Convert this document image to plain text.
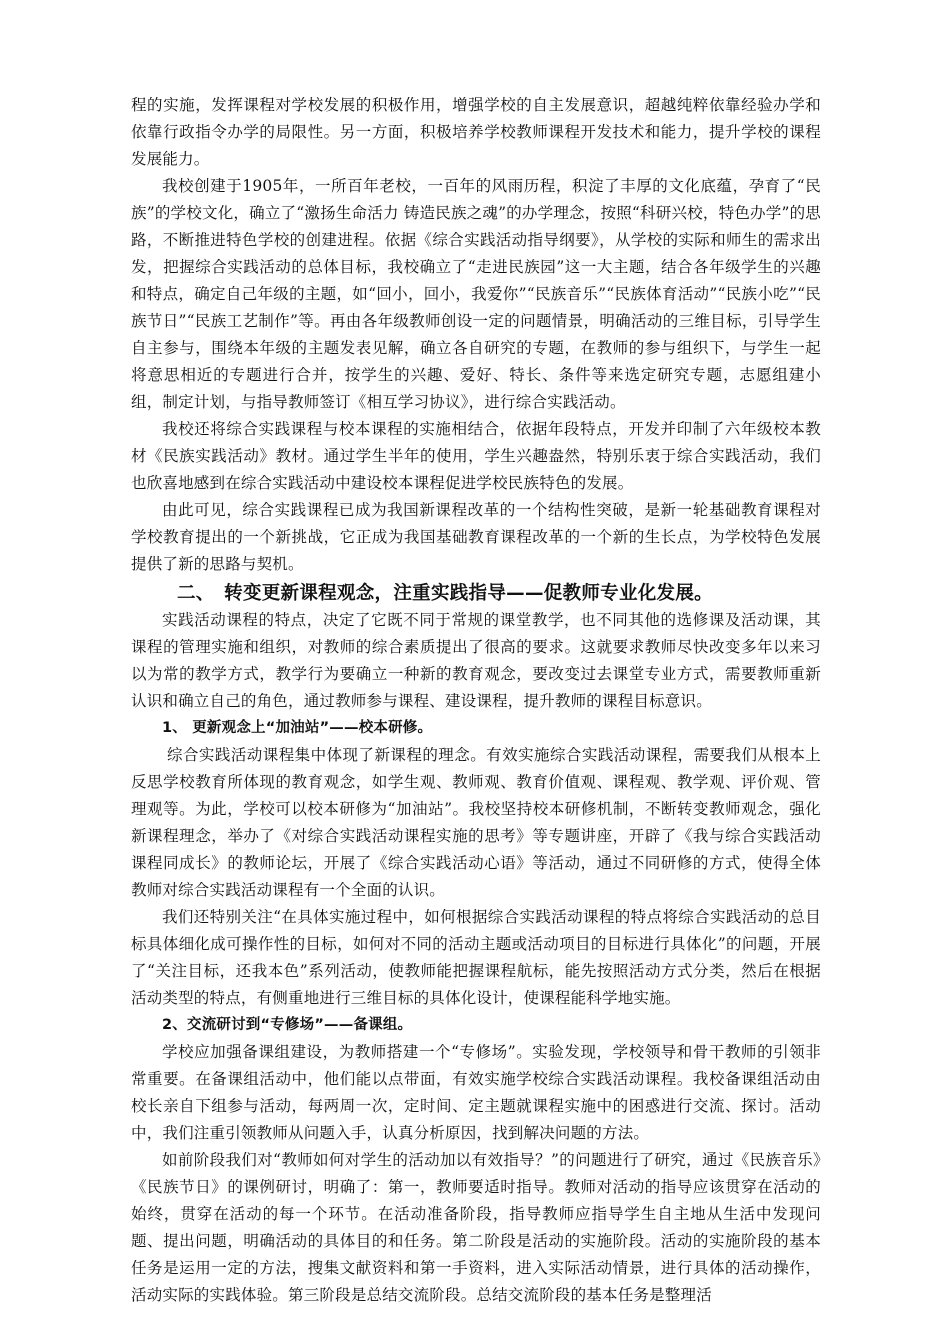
程的实施，发挥课程对学校发展的积极作用，增强学校的自主发展意识，超越纯粹依靠经验办学和依靠行政指令办学的局限性。另一方面，积极培养学校教师课程开发技术和能力，提升学校的课程发展能力。

我校创建于1905年，一所百年老校，一百年的风雨历程，积淀了丰厚的文化底蕴，孕育了“民族”的学校文化，确立了“激扬生命活力 铸造民族之魂”的办学理念，按照“科研兴校，特色办学”的思路，不断推进特色学校的创建进程。依据《综合实践活动指导纲要》，从学校的实际和师生的需求出发，把握综合实践活动的总体目标，我校确立了“走进民族园”这一大主题，结合各年级学生的兴趣和特点，确定自己年级的主题，如“回小，回小，我爱你”“民族音乐”“民族体育活动”“民族小吃”“民族节日”“民族工艺制作”等。再由各年级教师创设一定的问题情景，明确活动的三维目标，引导学生自主参与，围绕本年级的主题发表见解，确立各自研究的专题，在教师的参与组织下，与学生一起将意思相近的专题进行合并，按学生的兴趣、爱好、特长、条件等来选定研究专题，志愿组建小组，制定计划，与指导教师签订《相互学习协议》，进行综合实践活动。

我校还将综合实践课程与校本课程的实施相结合，依据年段特点，开发并印制了六年级校本教材《民族实践活动》教材。通过学生半年的使用，学生兴趣盎然，特别乐衷于综合实践活动，我们也欣喜地感到在综合实践活动中建设校本课程促进学校民族特色的发展。

由此可见，综合实践课程已成为我国新课程改革的一个结构性突破，是新一轮基础教育课程对学校教育提出的一个新挑战，它正成为我国基础教育课程改革的一个新的生长点，为学校特色发展提供了新的思路与契机。

二、　转变更新课程观念，注重实践指导——促教师专业化发展。

实践活动课程的特点，决定了它既不同于常规的课堂教学，也不同其他的选修课及活动课，其课程的管理实施和组织，对教师的综合素质提出了很高的要求。这就要求教师尽快改变多年以来习以为常的教学方式，教学行为要确立一种新的教育观念，要改变过去课堂专业方式，需要教师重新认识和确立自己的角色，通过教师参与课程、建设课程，提升教师的课程目标意识。

1、 更新观念上“加油站”——校本研修。

综合实践活动课程集中体现了新课程的理念。有效实施综合实践活动课程，需要我们从根本上反思学校教育所体现的教育观念，如学生观、教师观、教育价值观、课程观、教学观、评价观、管理观等。为此，学校可以校本研修为“加油站”。我校坚持校本研修机制，不断转变教师观念，强化新课程理念，举办了《对综合实践活动课程实施的思考》等专题讲座，开辟了《我与综合实践活动课程同成长》的教师论坛，开展了《综合实践活动心语》等活动，通过不同研修的方式，使得全体教师对综合实践活动课程有一个全面的认识。

我们还特别关注“在具体实施过程中，如何根据综合实践活动课程的特点将综合实践活动的总目标具体细化成可操作性的目标，如何对不同的活动主题或活动项目的目标进行具体化”的问题，开展了“关注目标，还我本色”系列活动，使教师能把握课程航标，能先按照活动方式分类，然后在根据活动类型的特点，有侧重地进行三维目标的具体化设计，使课程能科学地实施。

2、交流研讨到“专修场”——备课组。

学校应加强备课组建设，为教师搭建一个“专修场”。实验发现，学校领导和骨干教师的引领非常重要。在备课组活动中，他们能以点带面，有效实施学校综合实践活动课程。我校备课组活动由校长亲自下组参与活动，每两周一次，定时间、定主题就课程实施中的困惑进行交流、探讨。活动中，我们注重引领教师从问题入手，认真分析原因，找到解决问题的方法。

如前阶段我们对“教师如何对学生的活动加以有效指导？”的问题进行了研究，通过《民族音乐》《民族节日》的课例研讨，明确了：第一，教师要适时指导。教师对活动的指导应该贯穿在活动的始终，贯穿在活动的每一个环节。在活动准备阶段，指导教师应指导学生自主地从生活中发现问题、提出问题，明确活动的具体目的和任务。第二阶段是活动的实施阶段。活动的实施阶段的基本任务是运用一定的方法，搜集文献资料和第一手资料，进入实际活动情景，进行具体的活动操作，活动实际的实践体验。第三阶段是总结交流阶段。总结交流阶段的基本任务是整理活
